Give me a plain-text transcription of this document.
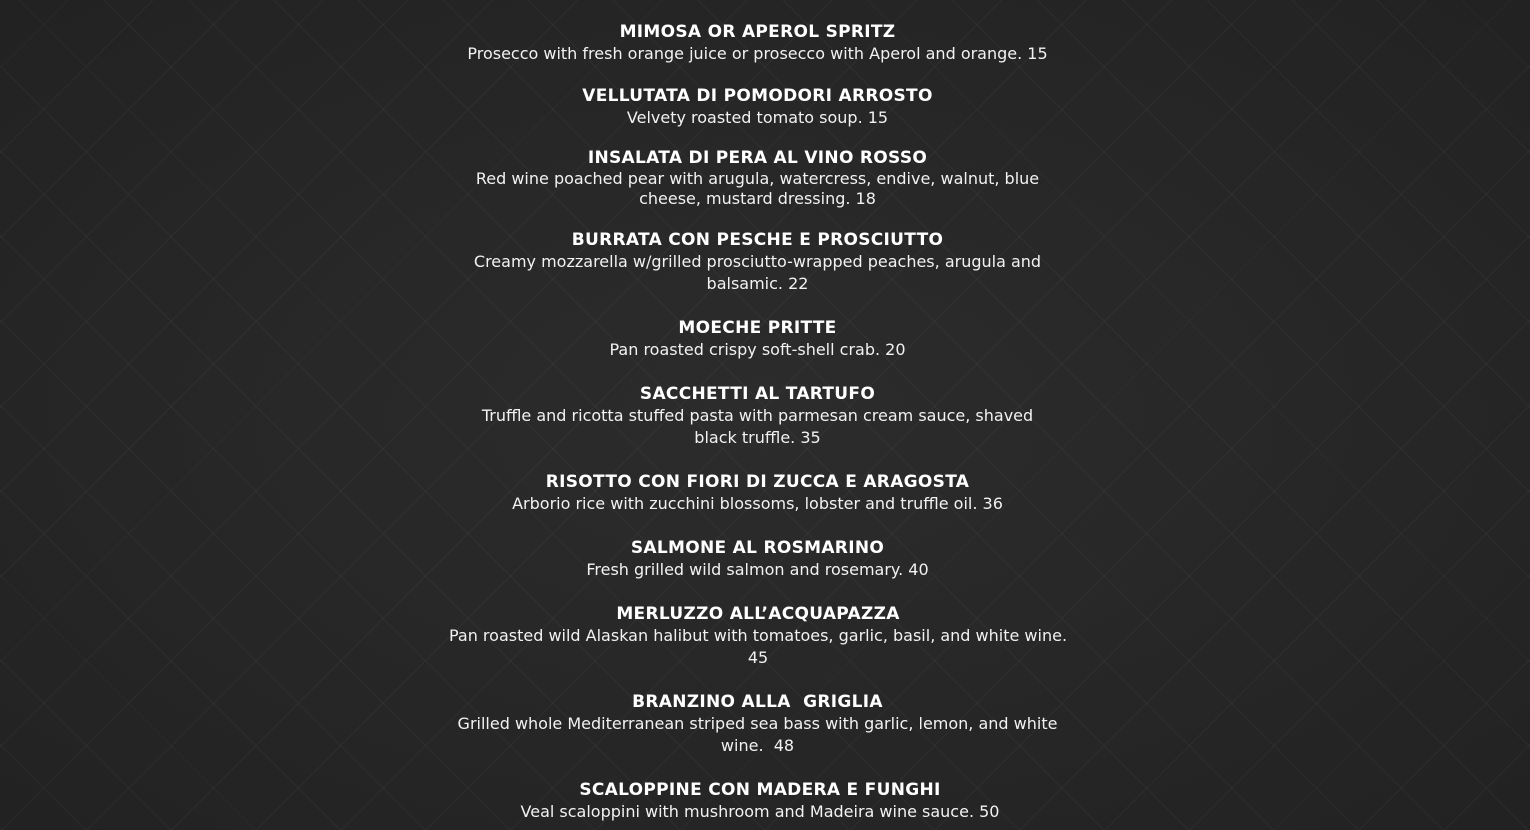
MIMOSA OR APEROL SPRITZ
Prosecco with fresh orange juice or prosecco with Aperol and orange. 15
VELLUTATA DI POMODORI ARROSTO
Velvety roasted tomato soup. 15
INSALATA DI PERA AL VINO ROSSO
Red wine poached pear with arugula, watercress, endive, walnut, blue cheese, mustard dressing. 18
BURRATA CON PESCHE E PROSCIUTTO
Creamy mozzarella w/grilled prosciutto-wrapped peaches, arugula and balsamic. 22
MOECHE PRITTE
Pan roasted crispy soft-shell crab. 20
SACCHETTI AL TARTUFO
Truffle and ricotta stuffed pasta with parmesan cream sauce, shaved black truffle. 35
RISOTTO CON FIORI DI ZUCCA E ARAGOSTA
Arborio rice with zucchini blossoms, lobster and truffle oil. 36
SALMONE AL ROSMARINO
Fresh grilled wild salmon and rosemary. 40
MERLUZZO ALL’ACQUAPAZZA
Pan roasted wild Alaskan halibut with tomatoes, garlic, basil, and white wine. 45
BRANZINO ALLA  GRIGLIA
Grilled whole Mediterranean striped sea bass with garlic, lemon, and white wine.  48
SCALOPPINE CON MADERA E FUNGHI
Veal scaloppini with mushroom and Madeira wine sauce. 50
